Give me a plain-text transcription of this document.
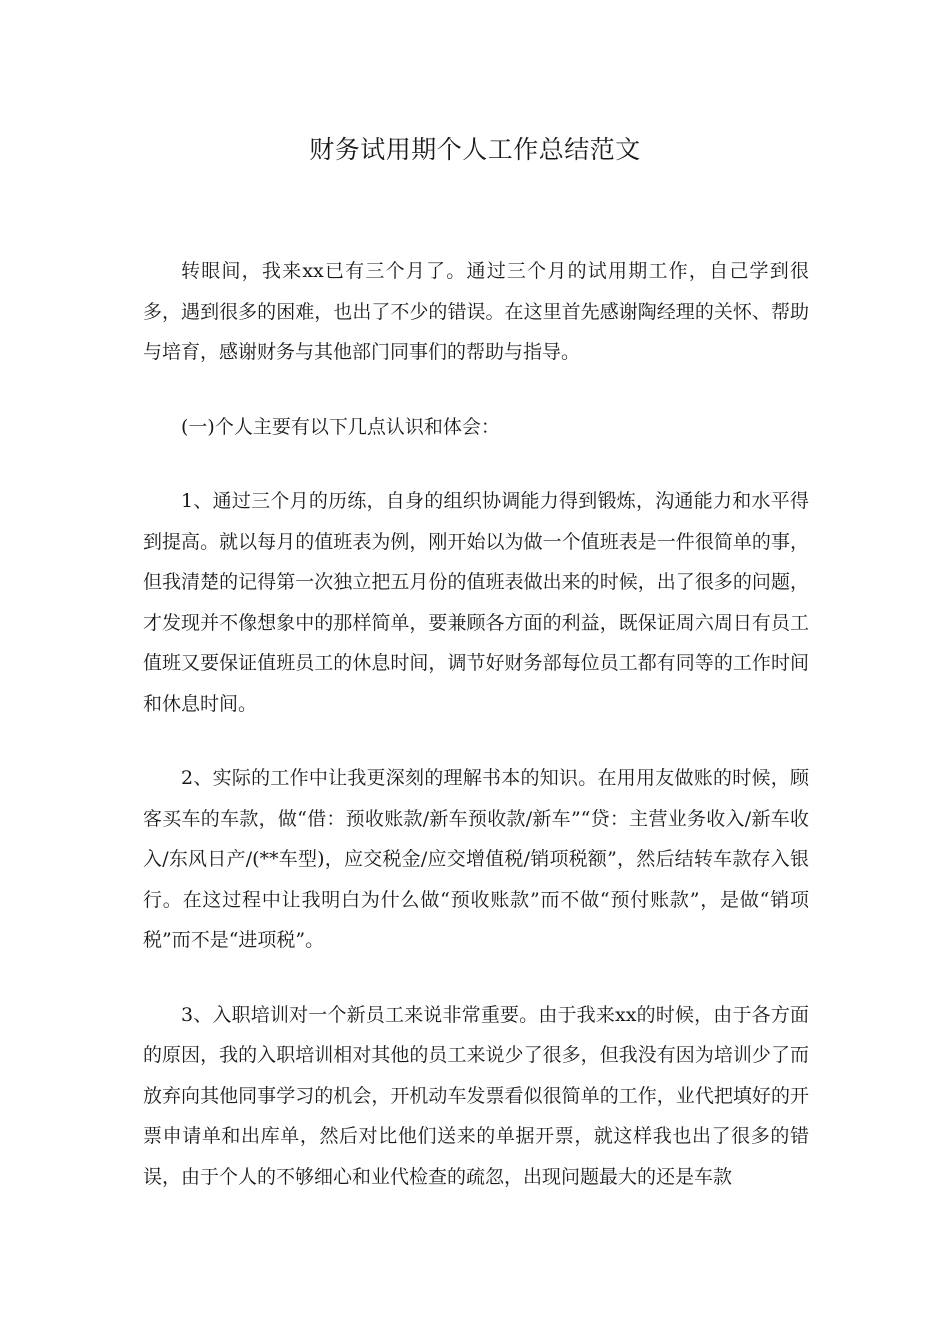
财务试用期个人工作总结范文

转眼间，我来xx已有三个月了。通过三个月的试用期工作，自己学到很多，遇到很多的困难，也出了不少的错误。在这里首先感谢陶经理的关怀、帮助与培育，感谢财务与其他部门同事们的帮助与指导。

(一)个人主要有以下几点认识和体会：

1、通过三个月的历练，自身的组织协调能力得到锻炼，沟通能力和水平得到提高。就以每月的值班表为例，刚开始以为做一个值班表是一件很简单的事，但我清楚的记得第一次独立把五月份的值班表做出来的时候，出了很多的问题，才发现并不像想象中的那样简单，要兼顾各方面的利益，既保证周六周日有员工值班又要保证值班员工的休息时间，调节好财务部每位员工都有同等的工作时间和休息时间。

2、实际的工作中让我更深刻的理解书本的知识。在用用友做账的时候，顾客买车的车款，做“借：预收账款/新车预收款/新车”“贷：主营业务收入/新车收入/东风日产/(**车型)，应交税金/应交增值税/销项税额”，然后结转车款存入银行。在这过程中让我明白为什么做“预收账款”而不做“预付账款”，是做“销项税”而不是“进项税”。

3、入职培训对一个新员工来说非常重要。由于我来xx的时候，由于各方面的原因，我的入职培训相对其他的员工来说少了很多，但我没有因为培训少了而放弃向其他同事学习的机会，开机动车发票看似很简单的工作，业代把填好的开票申请单和出库单，然后对比他们送来的单据开票，就这样我也出了很多的错误，由于个人的不够细心和业代检查的疏忽，出现问题最大的还是车款
